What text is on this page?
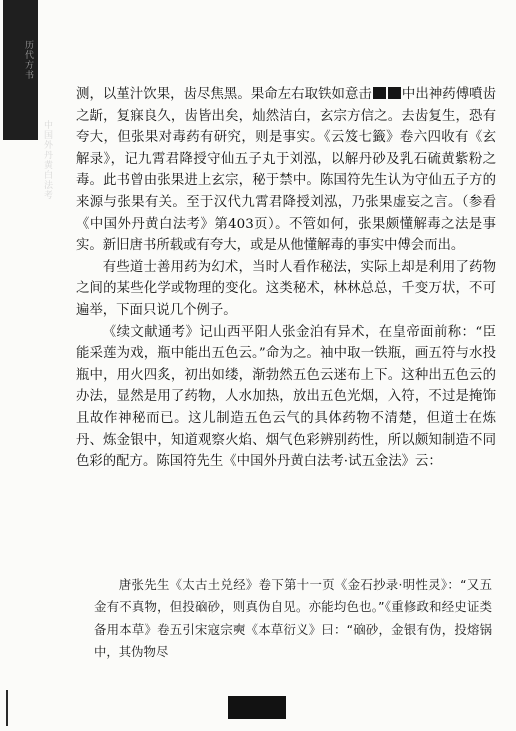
历代方书
中国外丹黄白法考

测，以堇汁饮果，齿尽焦黑。果命左右取铁如意击 中出神药傅噴齿之龂，复寐良久，齿皆出矣，灿然洁白，玄宗方信之。去齿复生，恐有夸大，但张果对毒药有研究，则是事实。《云笈七籤》卷六四收有《玄解录》，记九霄君降授守仙五子丸于刘泓，以解丹砂及乳石硫黄紫粉之毒。此书曾由张果进上玄宗，秘于禁中。陈国符先生认为守仙五子方的来源与张果有关。至于汉代九霄君降授刘泓，乃张果虚妄之言。（参看《中国外丹黄白法考》第403页）。不管如何，张果颇懂解毒之法是事实。新旧唐书所载或有夸大，或是从他懂解毒的事实中傅会而出。

有些道士善用药为幻术，当时人看作秘法，实际上却是利用了药物之间的某些化学或物理的变化。这类秘术，林林总总，千变万状，不可遍举，下面只说几个例子。

《续文献通考》记山西平阳人张金泊有异术，在皇帝面前称：“臣能采莲为戏，瓶中能出五色云。”命为之。袖中取一铁瓶，画五符与水投瓶中，用火四炙，初出如缕，渐勃然五色云迷布上下。这种出五色云的办法，显然是用了药物，人水加热，放出五色光烟，入符，不过是掩饰且故作神秘而已。这儿制造五色云气的具体药物不清楚，但道士在炼丹、炼金银中，知道观察火焰、烟气色彩辨别药性，所以颇知制造不同色彩的配方。陈国符先生《中国外丹黄白法考·试五金法》云：

唐张先生《太古土兑经》卷下第十一页《金石抄录·明性灵》：“又五金有不真物，但投硇砂，则真伪自见。亦能均色也。”《重修政和经史证类备用本草》卷五引宋寇宗奭《本草衍义》曰：“硇砂，金银有伪，投熔锅中，其伪物尽
